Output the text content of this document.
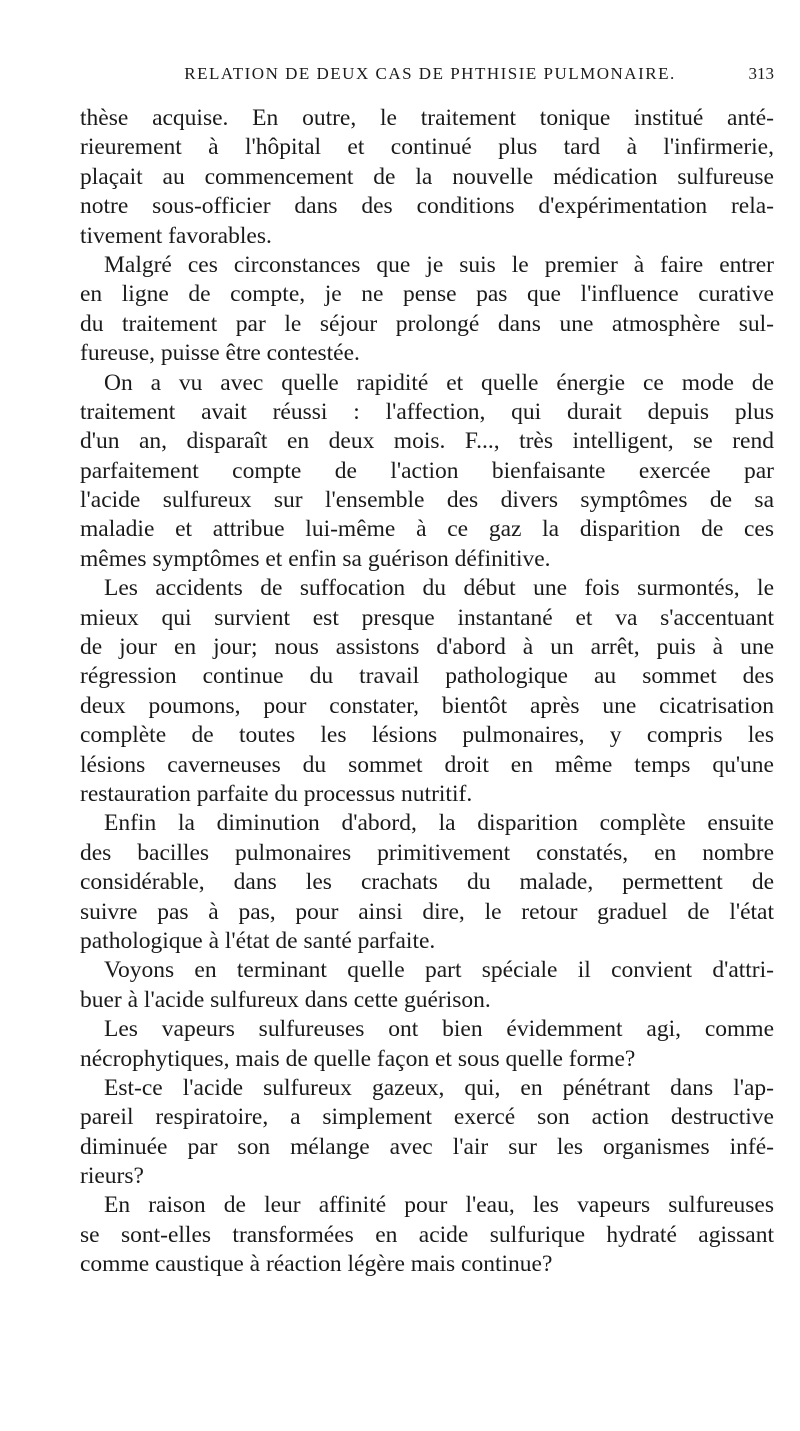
RELATION DE DEUX CAS DE PHTHISIE PULMONAIRE.	313
thèse acquise. En outre, le traitement tonique institué anté-
rieurement à l'hôpital et continué plus tard à l'infirmerie,
plaçait au commencement de la nouvelle médication sulfureuse
notre sous-officier dans des conditions d'expérimentation rela-
tivement favorables.
Malgré ces circonstances que je suis le premier à faire entrer
en ligne de compte, je ne pense pas que l'influence curative
du traitement par le séjour prolongé dans une atmosphère sul-
fureuse, puisse être contestée.
On a vu avec quelle rapidité et quelle énergie ce mode de
traitement avait réussi : l'affection, qui durait depuis plus
d'un an, disparaît en deux mois. F..., très intelligent, se rend
parfaitement compte de l'action bienfaisante exercée par
l'acide sulfureux sur l'ensemble des divers symptômes de sa
maladie et attribue lui-même à ce gaz la disparition de ces
mêmes symptômes et enfin sa guérison définitive.
Les accidents de suffocation du début une fois surmontés, le
mieux qui survient est presque instantané et va s'accentuant
de jour en jour; nous assistons d'abord à un arrêt, puis à une
régression continue du travail pathologique au sommet des
deux poumons, pour constater, bientôt après une cicatrisation
complète de toutes les lésions pulmonaires, y compris les
lésions caverneuses du sommet droit en même temps qu'une
restauration parfaite du processus nutritif.
Enfin la diminution d'abord, la disparition complète ensuite
des bacilles pulmonaires primitivement constatés, en nombre
considérable, dans les crachats du malade, permettent de
suivre pas à pas, pour ainsi dire, le retour graduel de l'état
pathologique à l'état de santé parfaite.
Voyons en terminant quelle part spéciale il convient d'attri-
buer à l'acide sulfureux dans cette guérison.
Les vapeurs sulfureuses ont bien évidemment agi, comme
nécrophytiques, mais de quelle façon et sous quelle forme?
Est-ce l'acide sulfureux gazeux, qui, en pénétrant dans l'ap-
pareil respiratoire, a simplement exercé son action destructive
diminuée par son mélange avec l'air sur les organismes infé-
rieurs?
En raison de leur affinité pour l'eau, les vapeurs sulfureuses
se sont-elles transformées en acide sulfurique hydraté agissant
comme caustique à réaction légère mais continue?
